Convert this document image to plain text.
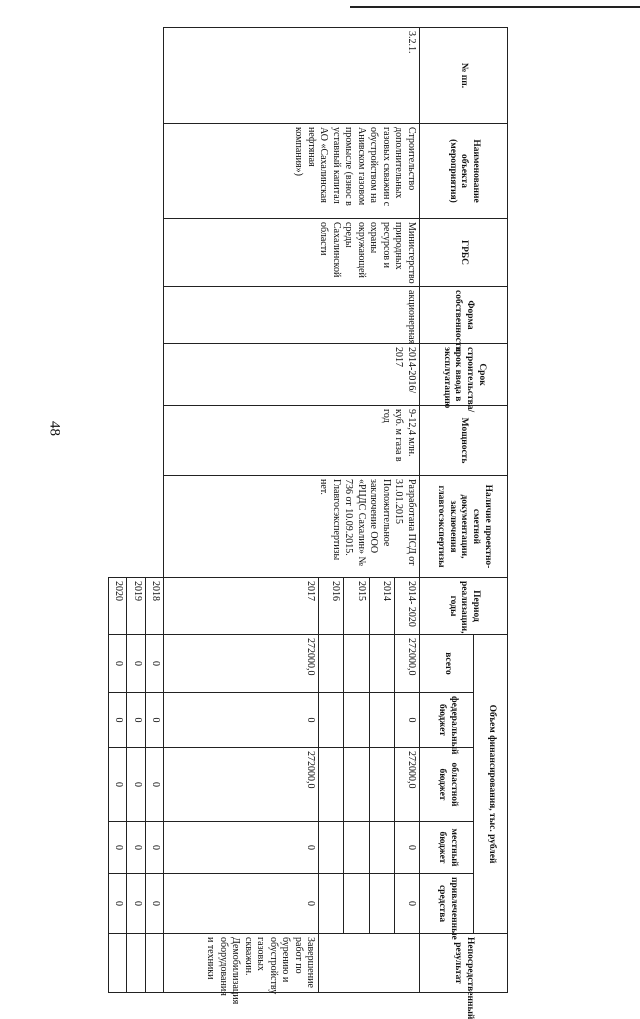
48
№ пп.	Наименование объекта (мероприятия)	ГРБС	Форма собственности	Срок строительства/срок ввода в эксплуатацию	Мощность	Наличие проектно-сметной документации, заключения главгосэкспертизы	Период реализации, годы	Объем финансирования, тыс. рублей					Непосредственный результат
								всего	федеральный бюджет	областной бюджет	местный бюджет	привлеченные средства	
3.2.1.	Строительство дополнительных газовых скважин с обустройством на Анивском газовом промысле (взнос в уставный капитал АО «Сахалинская нефтяная компания»)	Министерство природных ресурсов и охраны окружающей среды Сахалинской области	акционерная	2014-2016/ 2017	9-12,4 млн. куб. м газа в год	Разработана ПСД от 31.01.2015 Положительное заключение ООО «РЦДС Сахалин» № 736 от 10.09.2015. Главгосэкспертизы нет.	2014- 2020	272000,0	0	272000,0	0	0	
							2014						
							2015						
							2016						
							2017	272000,0	0	272000,0	0	0	Завершение работ по бурению и обустройству газовых скважин. Демобилизация оборудования и техники
							2018	0	0	0	0	0	
							2019	0	0	0	0	0	
							2020	0	0	0	0	0	
